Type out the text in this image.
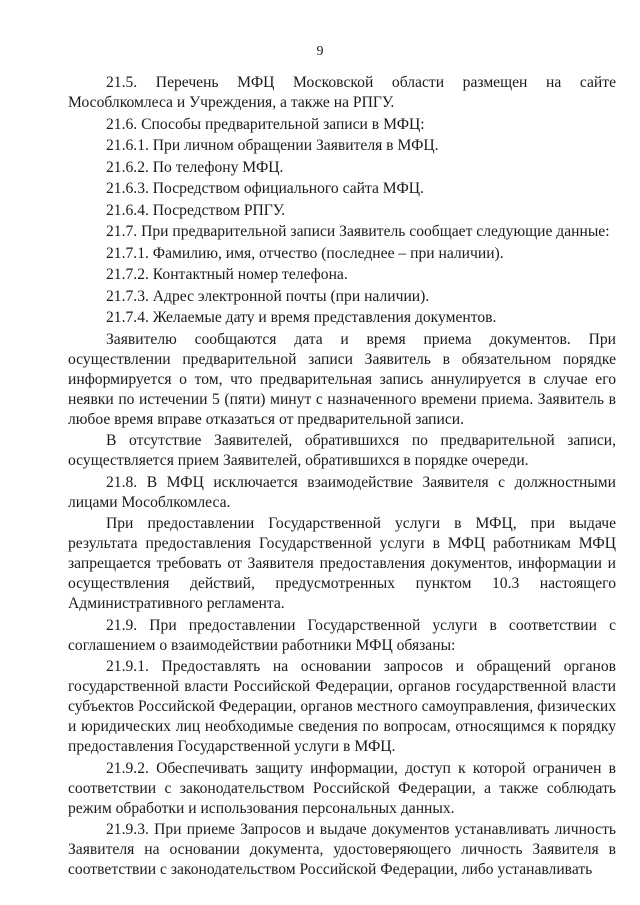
9

21.5. Перечень МФЦ Московской области размещен на сайте Мособлкомлеса и Учреждения, а также на РПГУ.

21.6. Способы предварительной записи в МФЦ:

21.6.1. При личном обращении Заявителя в МФЦ.

21.6.2. По телефону МФЦ.

21.6.3. Посредством официального сайта МФЦ.

21.6.4. Посредством РПГУ.

21.7. При предварительной записи Заявитель сообщает следующие данные:

21.7.1. Фамилию, имя, отчество (последнее – при наличии).

21.7.2. Контактный номер телефона.

21.7.3. Адрес электронной почты (при наличии).

21.7.4. Желаемые дату и время представления документов.

Заявителю сообщаются дата и время приема документов. При осуществлении предварительной записи Заявитель в обязательном порядке информируется о том, что предварительная запись аннулируется в случае его неявки по истечении 5 (пяти) минут с назначенного времени приема. Заявитель в любое время вправе отказаться от предварительной записи.

В отсутствие Заявителей, обратившихся по предварительной записи, осуществляется прием Заявителей, обратившихся в порядке очереди.

21.8. В МФЦ исключается взаимодействие Заявителя с должностными лицами Мособлкомлеса.

При предоставлении Государственной услуги в МФЦ, при выдаче результата предоставления Государственной услуги в МФЦ работникам МФЦ запрещается требовать от Заявителя предоставления документов, информации и осуществления действий, предусмотренных пунктом 10.3 настоящего Административного регламента.

21.9. При предоставлении Государственной услуги в соответствии с соглашением о взаимодействии работники МФЦ обязаны:

21.9.1. Предоставлять на основании запросов и обращений органов государственной власти Российской Федерации, органов государственной власти субъектов Российской Федерации, органов местного самоуправления, физических и юридических лиц необходимые сведения по вопросам, относящимся к порядку предоставления Государственной услуги в МФЦ.

21.9.2. Обеспечивать защиту информации, доступ к которой ограничен в соответствии с законодательством Российской Федерации, а также соблюдать режим обработки и использования персональных данных.

21.9.3. При приеме Запросов и выдаче документов устанавливать личность Заявителя на основании документа, удостоверяющего личность Заявителя в соответствии с законодательством Российской Федерации, либо устанавливать
